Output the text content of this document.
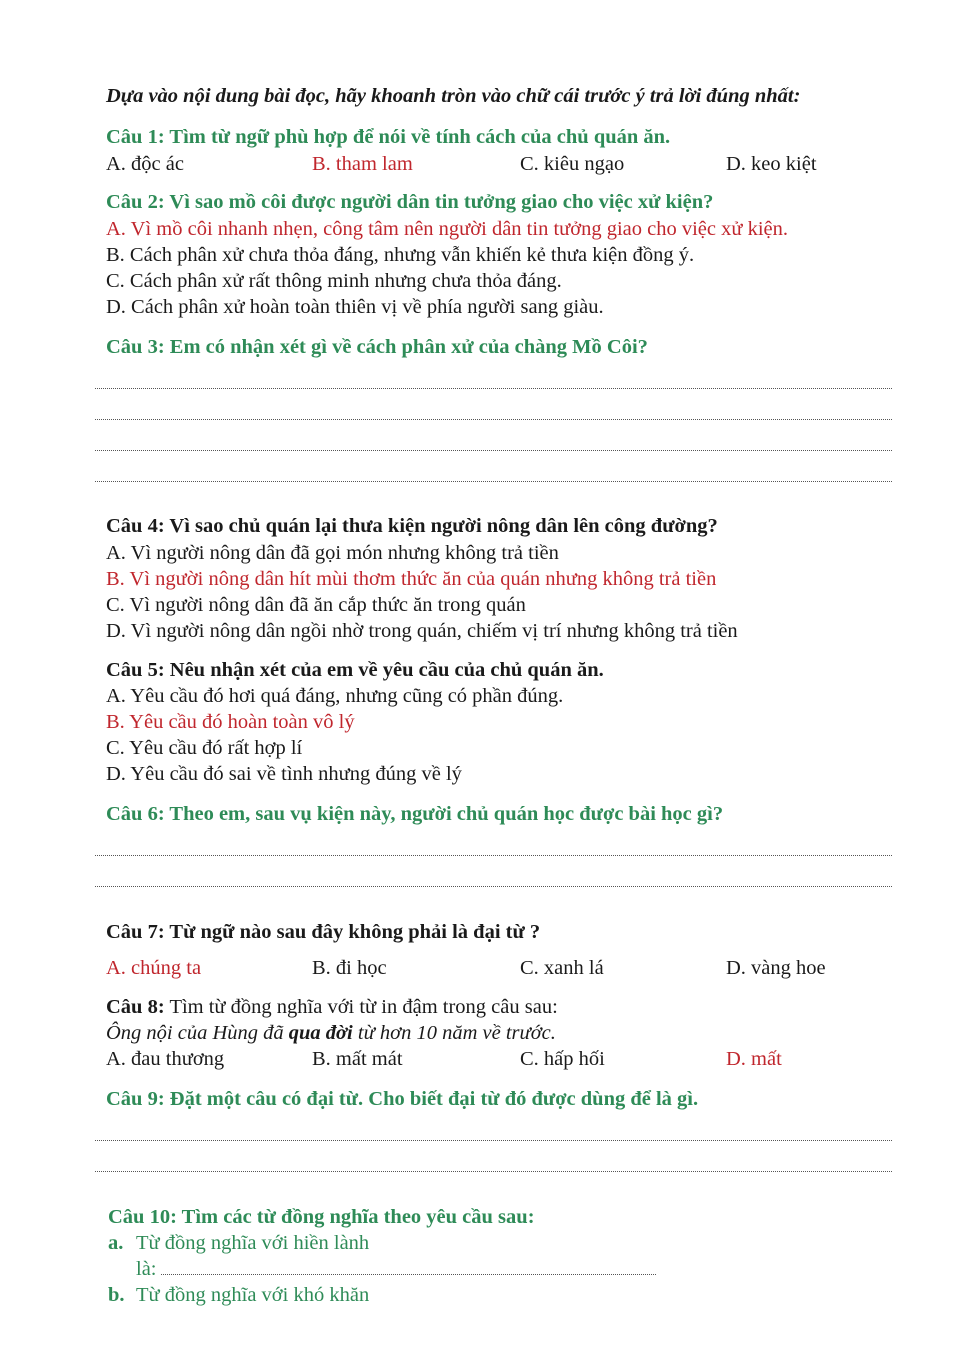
Dựa vào nội dung bài đọc, hãy khoanh tròn vào chữ cái trước ý trả lời đúng nhất:
Câu 1: Tìm từ ngữ phù hợp để nói về tính cách của chủ quán ăn.
A. độc ác	B. tham lam	C. kiêu ngạo	D. keo kiệt
Câu 2: Vì sao mồ côi được người dân tin tưởng giao cho việc xử kiện?
A. Vì mồ côi nhanh nhẹn, công tâm nên người dân tin tưởng giao cho việc xử kiện.
B. Cách phân xử chưa thỏa đáng, nhưng vẫn khiến kẻ thưa kiện đồng ý.
C. Cách phân xử rất thông minh nhưng chưa thỏa đáng.
D. Cách phân xử hoàn toàn thiên vị về phía người sang giàu.
Câu 3: Em có nhận xét gì về cách phân xử của chàng Mồ Côi?
Câu 4: Vì sao chủ quán lại thưa kiện người nông dân lên công đường?
A. Vì người nông dân đã gọi món nhưng không trả tiền
B. Vì người nông dân hít mùi thơm thức ăn của quán nhưng không trả tiền
C. Vì người nông dân đã ăn cắp thức ăn trong quán
D. Vì người nông dân ngồi nhờ trong quán, chiếm vị trí nhưng không trả tiền
Câu 5: Nêu nhận xét của em về yêu cầu của chủ quán ăn.
A. Yêu cầu đó hơi quá đáng, nhưng cũng có phần đúng.
B. Yêu cầu đó hoàn toàn vô lý
C. Yêu cầu đó rất hợp lí
D. Yêu cầu đó sai về tình nhưng đúng về lý
Câu 6: Theo em, sau vụ kiện này, người chủ quán học được bài học gì?
Câu 7: Từ ngữ nào sau đây không phải là đại từ ?
A. chúng ta	B. đi học	C. xanh lá	D. vàng hoe
Câu 8: Tìm từ đồng nghĩa với từ in đậm trong câu sau:
Ông nội của Hùng đã qua đời từ hơn 10 năm về trước.
A. đau thương	B. mất mát	C. hấp hối	D. mất
Câu 9: Đặt một câu có đại từ. Cho biết đại từ đó được dùng để là gì.
Câu 10: Tìm các từ đồng nghĩa theo yêu cầu sau:
a. Từ đồng nghĩa với hiền lành
là:
b. Từ đồng nghĩa với khó khăn
